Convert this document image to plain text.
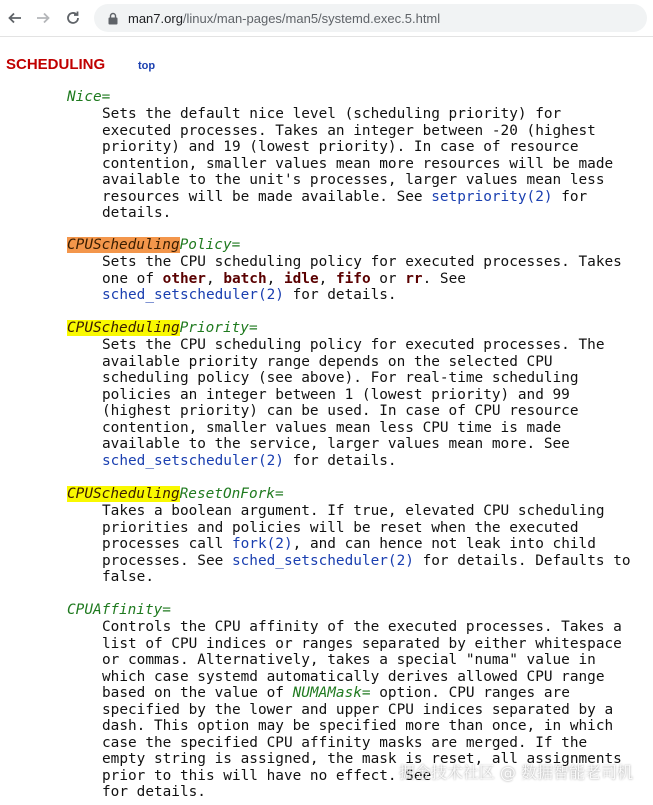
man7.org /linux/man-pages/man5/systemd.exec.5.html
SCHEDULING	top
Nice=
Sets the default nice level (scheduling priority) for
executed processes. Takes an integer between -20 (highest
priority) and 19 (lowest priority). In case of resource
contention, smaller values mean more resources will be made
available to the unit's processes, larger values mean less
resources will be made available. See setpriority(2) for
details.
CPUSchedulingPolicy=
Sets the CPU scheduling policy for executed processes. Takes
one of other, batch, idle, fifo or rr. See
sched_setscheduler(2) for details.
CPUSchedulingPriority=
Sets the CPU scheduling policy for executed processes. The
available priority range depends on the selected CPU
scheduling policy (see above). For real-time scheduling
policies an integer between 1 (lowest priority) and 99
(highest priority) can be used. In case of CPU resource
contention, smaller values mean less CPU time is made
available to the service, larger values mean more. See
sched_setscheduler(2) for details.
CPUSchedulingResetOnFork=
Takes a boolean argument. If true, elevated CPU scheduling
priorities and policies will be reset when the executed
processes call fork(2), and can hence not leak into child
processes. See sched_setscheduler(2) for details. Defaults to
false.
CPUAffinity=
Controls the CPU affinity of the executed processes. Takes a
list of CPU indices or ranges separated by either whitespace
or commas. Alternatively, takes a special "numa" value in
which case systemd automatically derives allowed CPU range
based on the value of NUMAMask= option. CPU ranges are
specified by the lower and upper CPU indices separated by a
dash. This option may be specified more than once, in which
case the specified CPU affinity masks are merged. If the
empty string is assigned, the mask is reset, all assignments
prior to this will have no effect. See
for details.
掘金技术社区 @ 数据智能老司机
